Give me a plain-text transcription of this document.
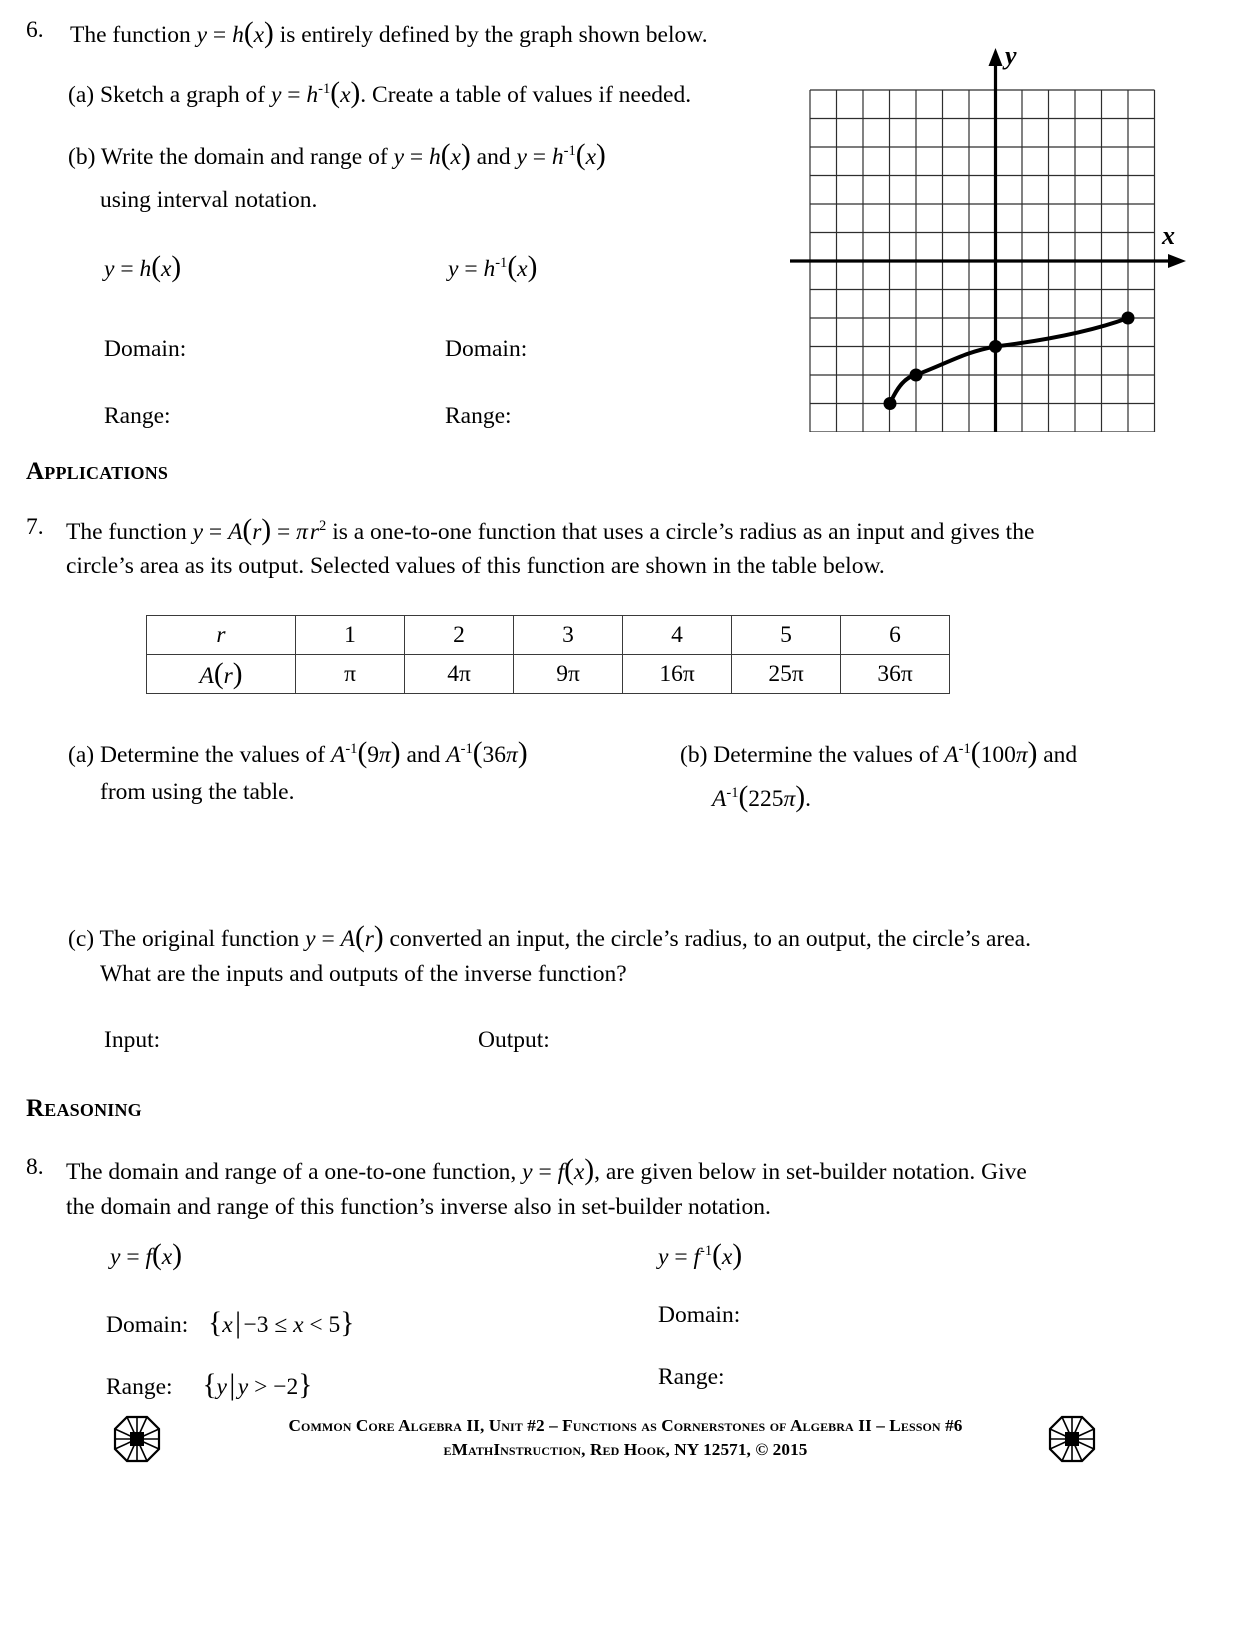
6.	The function y = h(x) is entirely defined by the graph shown below.
(a) Sketch a graph of $y = h^{-1}(x)$. Create a table of values if needed.
(b) Write the domain and range of y = h(x) and $y = h^{-1}(x)$
using interval notation.
y = h(x)	$y = h^{-1}(x)$
Domain:	Domain:
Range:	Range:
y
x
Applications
7. The function y = A(r) = π $r^2$ is a one-to-one function that uses a circle’s radius as an input and gives the
circle’s area as its output. Selected values of this function are shown in the table below.
r	1	2	3	4	5	6
A(r)	π	4π	9π	16π	25π	36π
(a) Determine the values of $A^{-1}(9\pi)$ and $A^{-1}(36\pi)$
from using the table.
(b) Determine the values of $A^{-1}(100\pi)$ and
$A^{-1}(225\pi)$.
(c) The original function y = A(r) converted an input, the circle’s radius, to an output, the circle’s area.
What are the inputs and outputs of the inverse function?
Input:	Output:
Reasoning
8. The domain and range of a one-to-one function, y = f(x), are given below in set-builder notation. Give
the domain and range of this function’s inverse also in set-builder notation.
y = f(x)	$y = f^{-1}(x)$
Domain: {x | −3 ≤ x < 5}	Domain:
Range: {y | y > −2}	Range:
Common Core Algebra II, Unit #2 – Functions as Cornerstones of Algebra II – Lesson #6
eMathInstruction, Red Hook, NY 12571, © 2015
